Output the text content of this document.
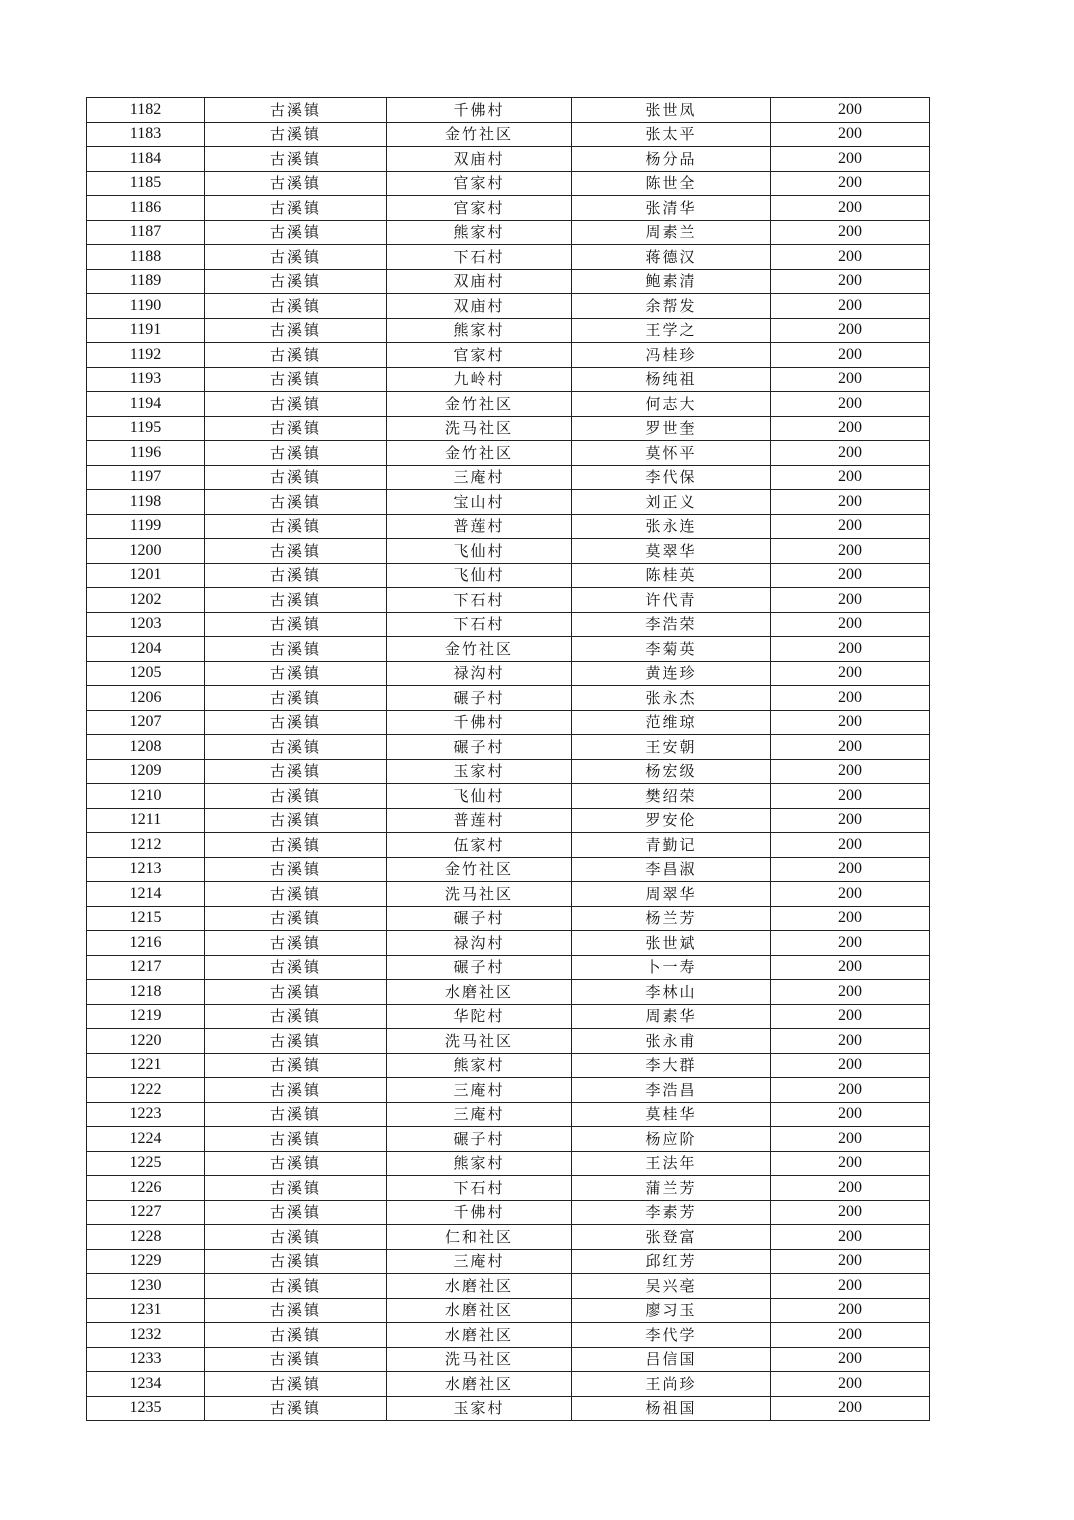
1182	古溪镇	千佛村	张世凤	200
1183	古溪镇	金竹社区	张太平	200
1184	古溪镇	双庙村	杨分品	200
1185	古溪镇	官家村	陈世全	200
1186	古溪镇	官家村	张清华	200
1187	古溪镇	熊家村	周素兰	200
1188	古溪镇	下石村	蒋德汉	200
1189	古溪镇	双庙村	鲍素清	200
1190	古溪镇	双庙村	余帮发	200
1191	古溪镇	熊家村	王学之	200
1192	古溪镇	官家村	冯桂珍	200
1193	古溪镇	九岭村	杨纯祖	200
1194	古溪镇	金竹社区	何志大	200
1195	古溪镇	洗马社区	罗世奎	200
1196	古溪镇	金竹社区	莫怀平	200
1197	古溪镇	三庵村	李代保	200
1198	古溪镇	宝山村	刘正义	200
1199	古溪镇	普莲村	张永连	200
1200	古溪镇	飞仙村	莫翠华	200
1201	古溪镇	飞仙村	陈桂英	200
1202	古溪镇	下石村	许代青	200
1203	古溪镇	下石村	李浩荣	200
1204	古溪镇	金竹社区	李菊英	200
1205	古溪镇	禄沟村	黄连珍	200
1206	古溪镇	碾子村	张永杰	200
1207	古溪镇	千佛村	范维琼	200
1208	古溪镇	碾子村	王安朝	200
1209	古溪镇	玉家村	杨宏级	200
1210	古溪镇	飞仙村	樊绍荣	200
1211	古溪镇	普莲村	罗安伦	200
1212	古溪镇	伍家村	青勤记	200
1213	古溪镇	金竹社区	李昌淑	200
1214	古溪镇	洗马社区	周翠华	200
1215	古溪镇	碾子村	杨兰芳	200
1216	古溪镇	禄沟村	张世斌	200
1217	古溪镇	碾子村	卜一寿	200
1218	古溪镇	水磨社区	李林山	200
1219	古溪镇	华陀村	周素华	200
1220	古溪镇	洗马社区	张永甫	200
1221	古溪镇	熊家村	李大群	200
1222	古溪镇	三庵村	李浩昌	200
1223	古溪镇	三庵村	莫桂华	200
1224	古溪镇	碾子村	杨应阶	200
1225	古溪镇	熊家村	王法年	200
1226	古溪镇	下石村	蒲兰芳	200
1227	古溪镇	千佛村	李素芳	200
1228	古溪镇	仁和社区	张登富	200
1229	古溪镇	三庵村	邱红芳	200
1230	古溪镇	水磨社区	吴兴亳	200
1231	古溪镇	水磨社区	廖习玉	200
1232	古溪镇	水磨社区	李代学	200
1233	古溪镇	洗马社区	吕信国	200
1234	古溪镇	水磨社区	王尚珍	200
1235	古溪镇	玉家村	杨祖国	200
